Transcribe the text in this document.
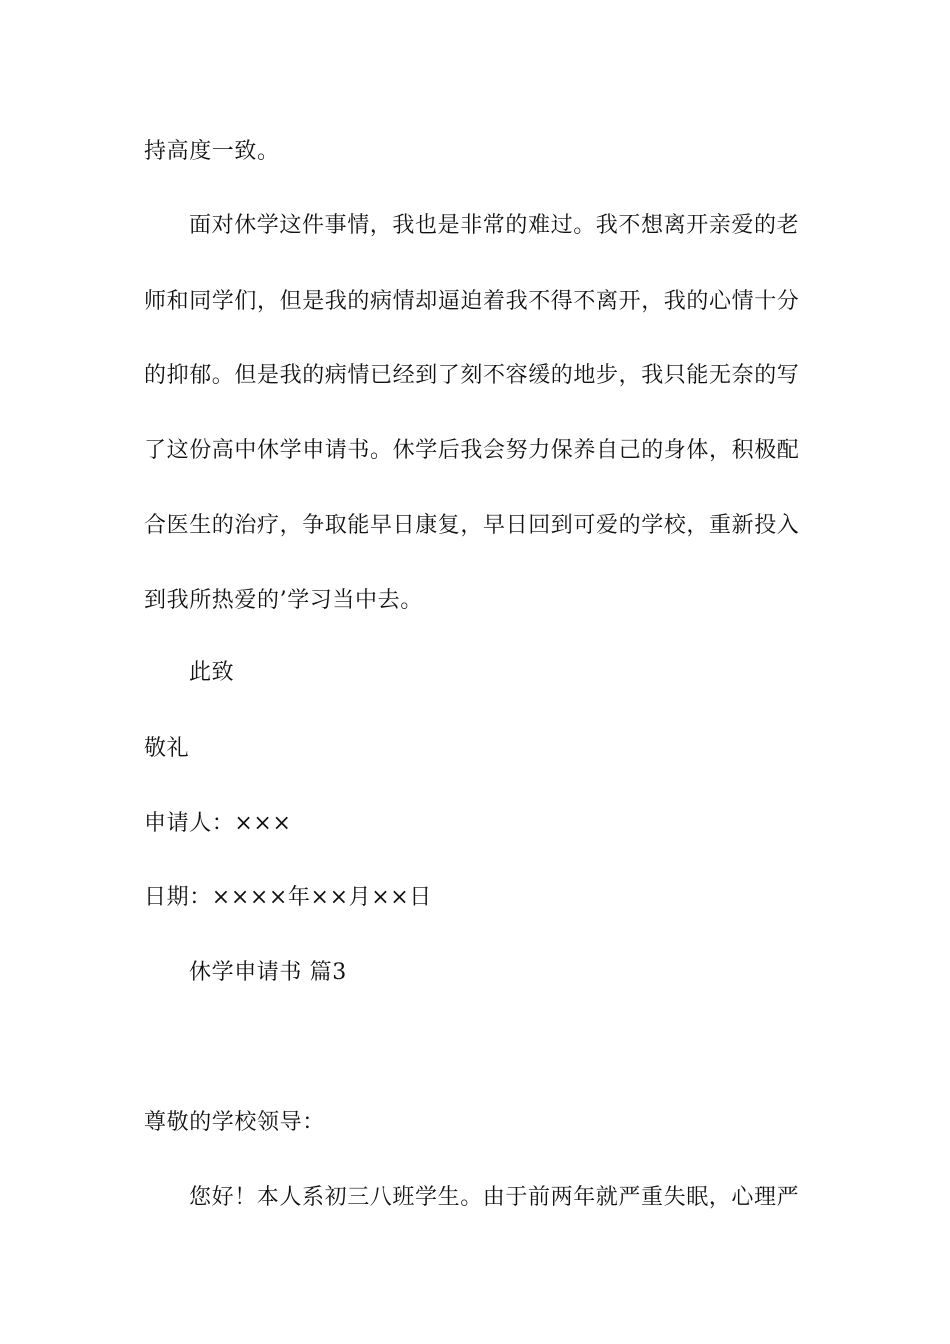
持高度一致。
面对休学这件事情，我也是非常的难过。我不想离开亲爱的老
师和同学们，但是我的病情却逼迫着我不得不离开，我的心情十分
的抑郁。但是我的病情已经到了刻不容缓的地步，我只能无奈的写
了这份高中休学申请书。休学后我会努力保养自己的身体，积极配
合医生的治疗，争取能早日康复，早日回到可爱的学校，重新投入
到我所热爱的’学习当中去。
此致
敬礼
申请人：×××
日期：××××年××月××日
休学申请书 篇3
尊敬的学校领导：
您好！本人系初三八班学生。由于前两年就严重失眠，心理严
